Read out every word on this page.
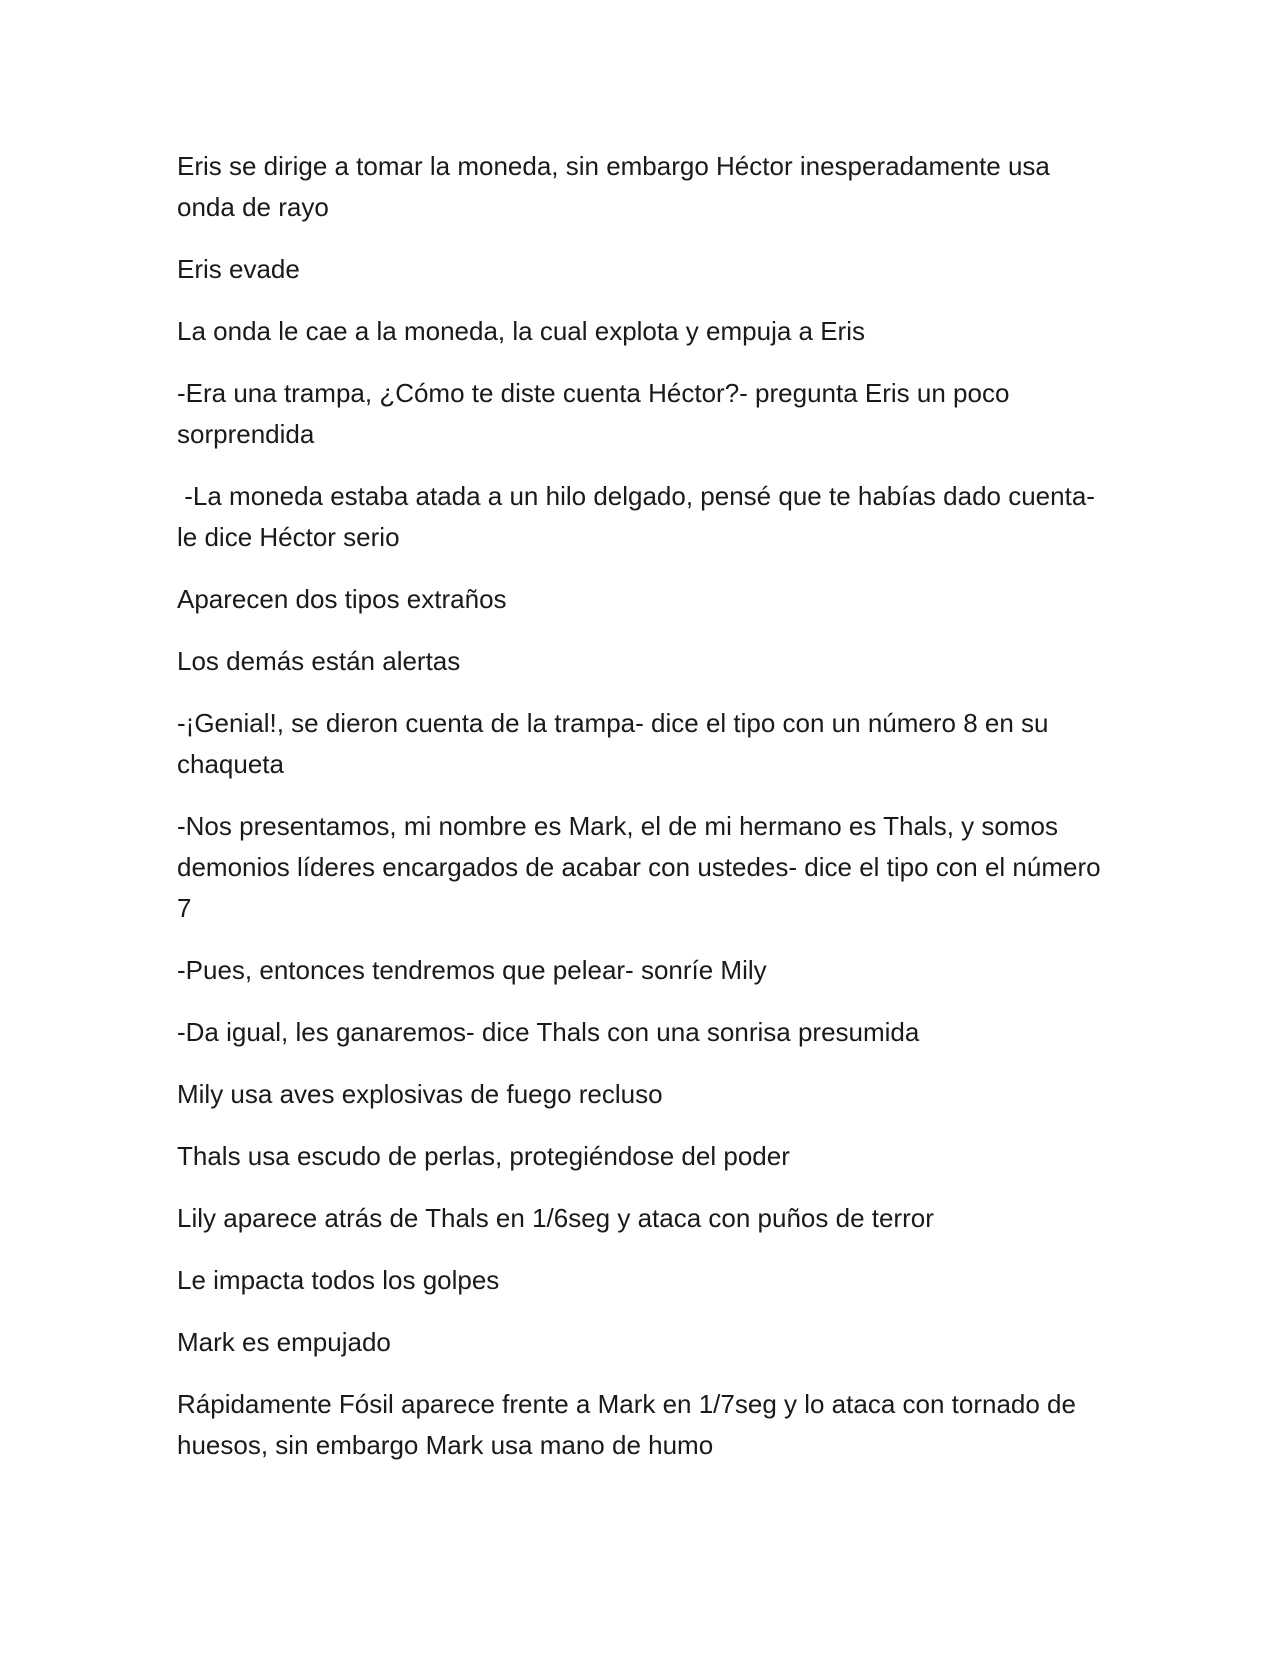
Eris se dirige a tomar la moneda, sin embargo Héctor inesperadamente usa onda de rayo

Eris evade

La onda le cae a la moneda, la cual explota y empuja a Eris

-Era una trampa, ¿Cómo te diste cuenta Héctor?- pregunta Eris un poco sorprendida

-La moneda estaba atada a un hilo delgado, pensé que te habías dado cuenta- le dice Héctor serio

Aparecen dos tipos extraños

Los demás están alertas

-¡Genial!, se dieron cuenta de la trampa- dice el tipo con un número 8 en su chaqueta

-Nos presentamos, mi nombre es Mark, el de mi hermano es Thals, y somos demonios líderes encargados de acabar con ustedes- dice el tipo con el número 7

-Pues, entonces tendremos que pelear- sonríe Mily

-Da igual, les ganaremos- dice Thals con una sonrisa presumida

Mily usa aves explosivas de fuego recluso

Thals usa escudo de perlas, protegiéndose del poder

Lily aparece atrás de Thals en 1/6seg y ataca con puños de terror

Le impacta todos los golpes

Mark es empujado

Rápidamente Fósil aparece frente a Mark en 1/7seg y lo ataca con tornado de huesos, sin embargo Mark usa mano de humo
